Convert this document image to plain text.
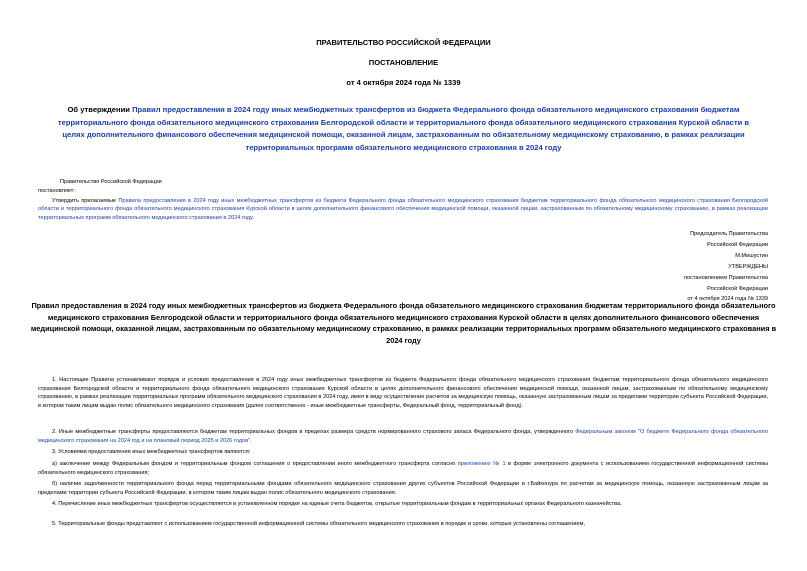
ПРАВИТЕЛЬСТВО РОССИЙСКОЙ ФЕДЕРАЦИИ
ПОСТАНОВЛЕНИЕ
от 4 октября 2024 года № 1339
Об утверждении Правил предоставления в 2024 году иных межбюджетных трансфертов из бюджета Федерального фонда обязательного медицинского страхования бюджетам территориального фонда обязательного медицинского страхования Белгородской области и территориального фонда обязательного медицинского страхования Курской области в целях дополнительного финансового обеспечения медицинской помощи, оказанной лицам, застрахованным по обязательному медицинскому страхованию, в рамках реализации территориальных программ обязательного медицинского страхования в 2024 году
Правительство Российской Федерации
постановляет:
Утвердить прилагаемые Правила предоставления в 2024 году иных межбюджетных трансфертов из бюджета Федерального фонда обязательного медицинского страхования бюджетам территориального фонда обязательного медицинского страхования Белгородской области и территориального фонда обязательного медицинского страхования Курской области в целях дополнительного финансового обеспечения медицинской помощи, оказанной лицам, застрахованным по обязательному медицинскому страхованию, в рамках реализации территориальных программ обязательного медицинского страхования в 2024 году.
Председатель Правительства
Российской Федерации
М.Мишустин
УТВЕРЖДЕНЫ
постановлением Правительства
Российской Федерации
от 4 октября 2024 года № 1339
Правил предоставления в 2024 году иных межбюджетных трансфертов из бюджета Федерального фонда обязательного медицинского страхования бюджетам территориального фонда обязательного медицинского страхования Белгородской области и территориального фонда обязательного медицинского страхования Курской области в целях дополнительного финансового обеспечения медицинской помощи, оказанной лицам, застрахованным по обязательному медицинскому страхованию, в рамках реализации территориальных программ обязательного медицинского страхования в 2024 году
1. Настоящие Правила устанавливают порядок и условия предоставления в 2024 году иных межбюджетных трансфертов из бюджета Федерального фонда обязательного медицинского страхования бюджетам территориального фонда обязательного медицинского страхования Белгородской области и территориального фонда обязательного медицинского страхования Курской области в целях дополнительного финансового обеспечения медицинской помощи, оказанной лицам, застрахованным по обязательному медицинскому страхованию, в рамках реализации территориальных программ обязательного медицинского страхования в 2024 году, имея в виду осуществление расчетов за медицинскую помощь, оказанную застрахованным лицам за пределами территории субъекта Российской Федерации, в котором таким лицам выдан полис обязательного медицинского страхования (далее соответственно - иные межбюджетные трансферты, Федеральный фонд, территориальный фонд).
2. Иные межбюджетные трансферты предоставляются бюджетам территориальных фондов в пределах размера средств нормированного страхового запаса Федерального фонда, утвержденного Федеральным законом "О бюджете Федерального фонда обязательного медицинского страхования на 2024 год и на плановый период 2025 и 2026 годов".
3. Условиями предоставления иных межбюджетных трансфертов являются:
а) заключение между Федеральным фондом и территориальным фондом соглашения о предоставлении иного межбюджетного трансферта согласно приложению № 1 в форме электронного документа с использованием государственной информационной системы обязательного медицинского страхования;
б) наличие задолженности территориального фонда перед территориальными фондами обязательного медицинского страхования других субъектов Российской Федерации и г.Байконура по расчетам за медицинскую помощь, оказанную застрахованным лицам за пределами территории субъекта Российской Федерации, в котором таким лицам выдан полис обязательного медицинского страхования.
4. Перечисление иных межбюджетных трансфертов осуществляется в установленном порядке на единые счета бюджетов, открытые территориальным фондам в территориальных органах Федерального казначейства.
5. Территориальные фонды представляют с использованием государственной информационной системы обязательного медицинского страхования в порядке и сроки, которые установлены соглашением,
